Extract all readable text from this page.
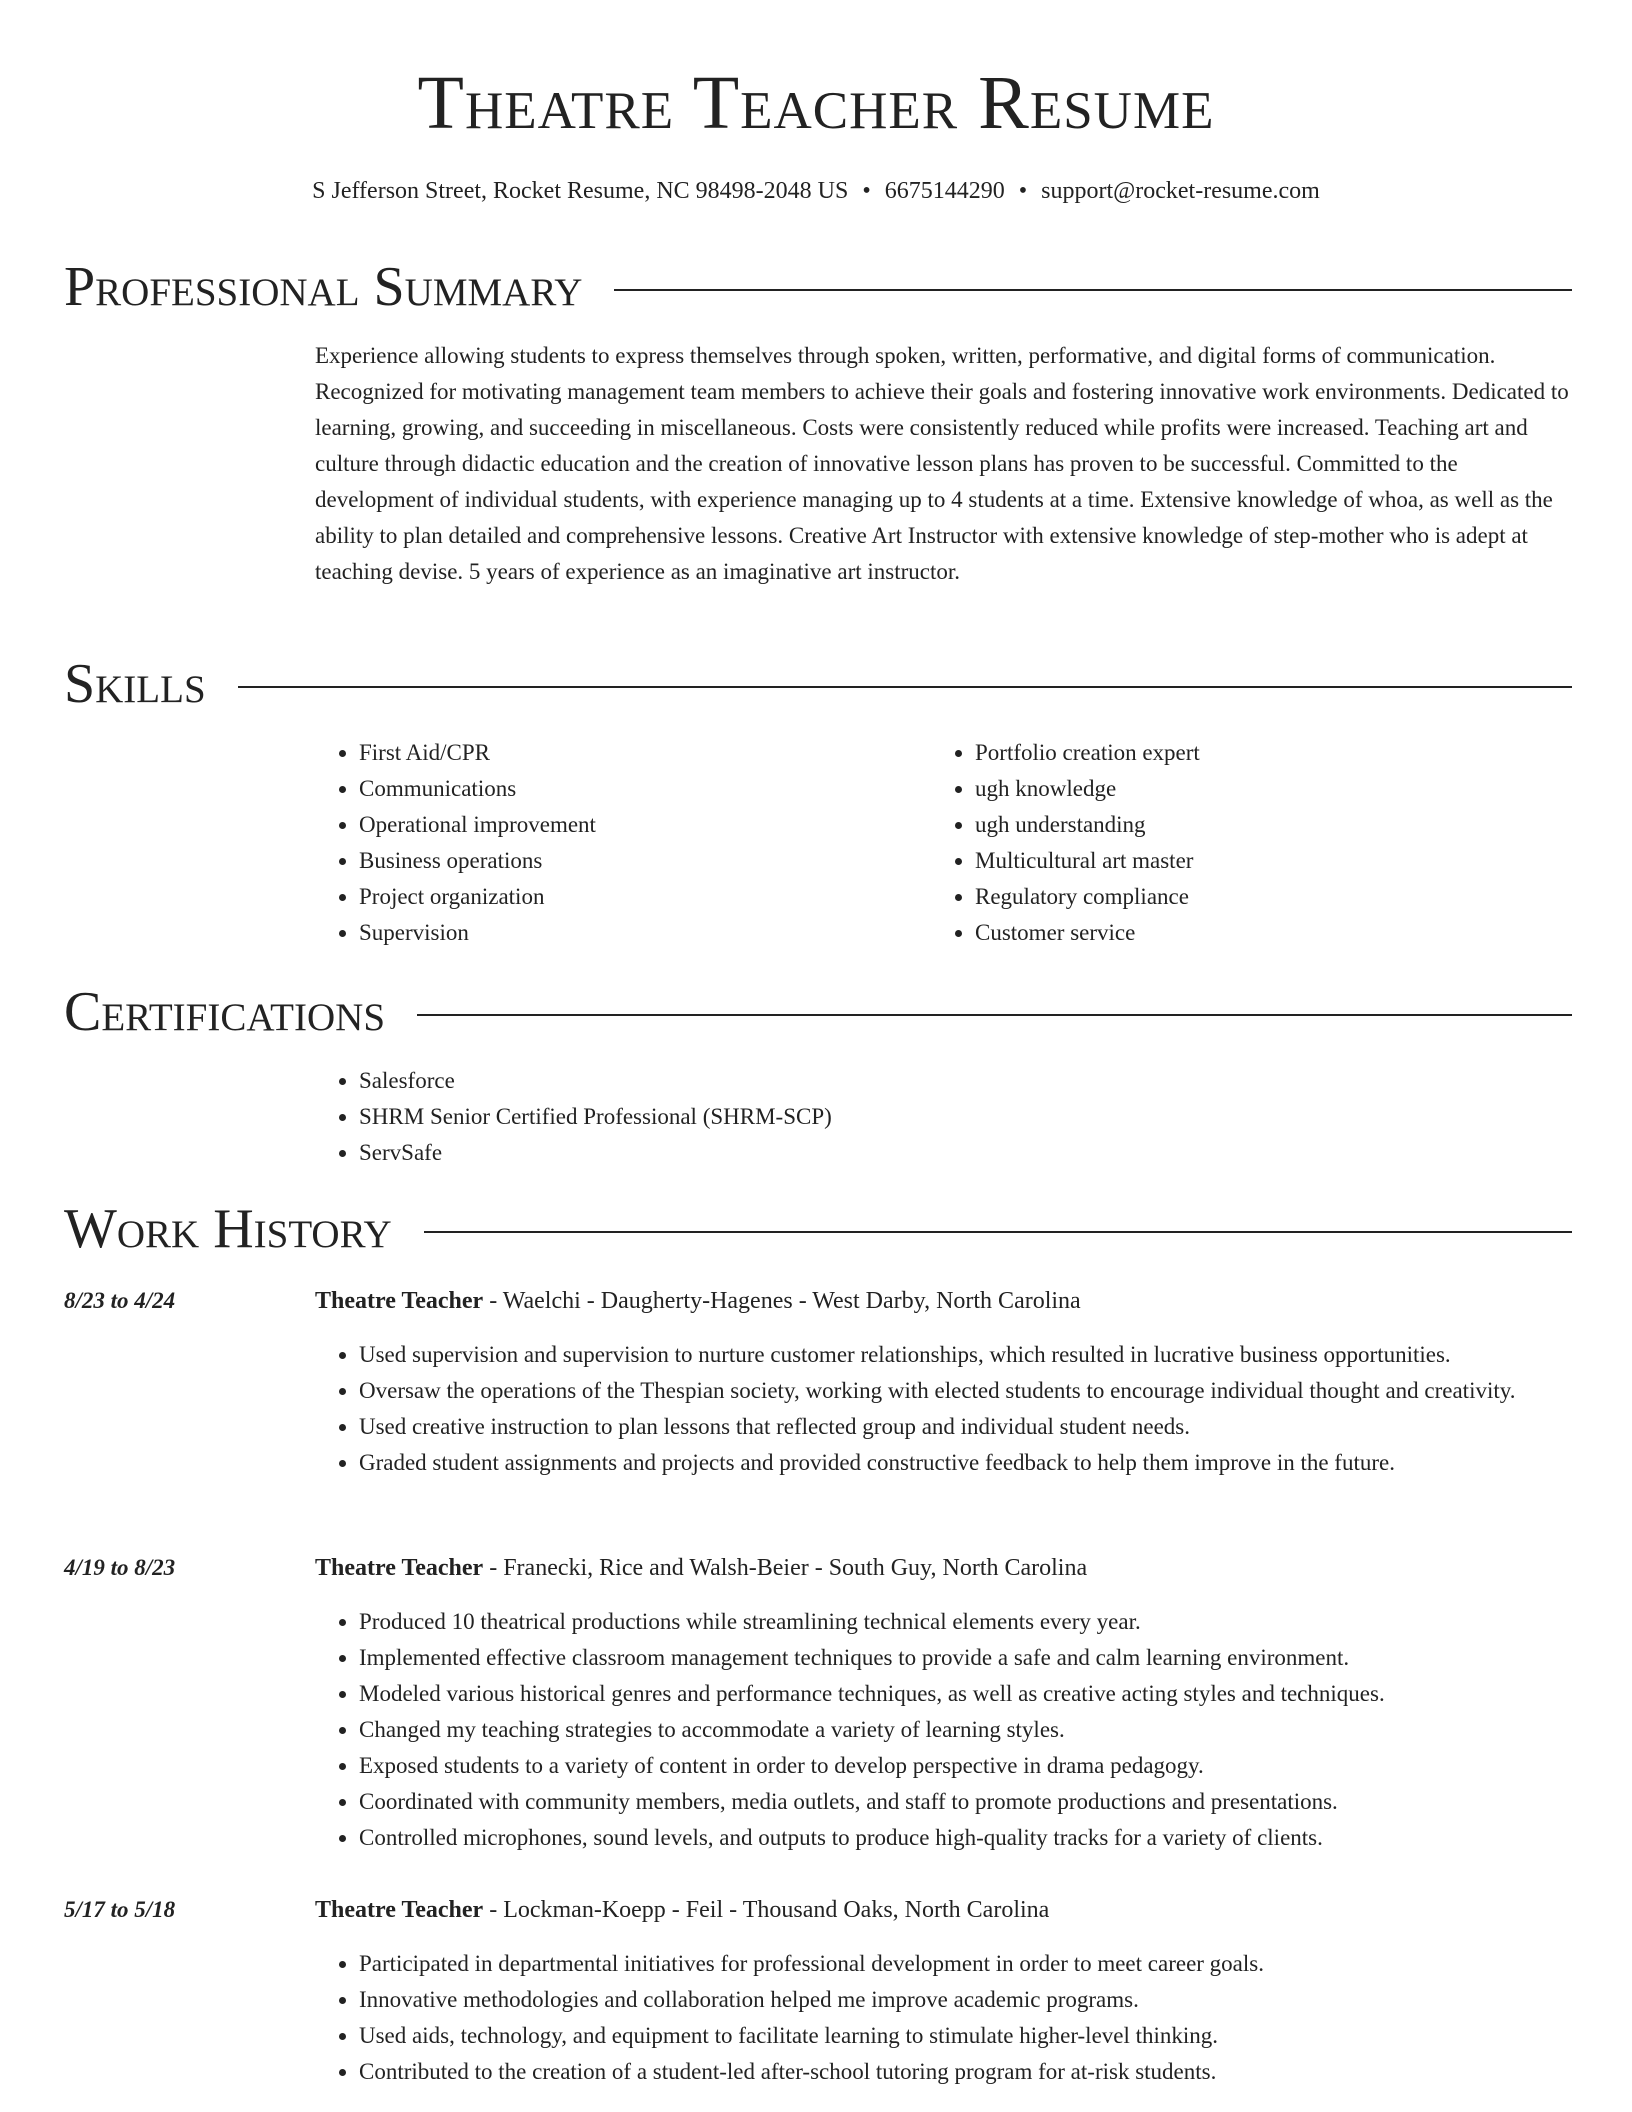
Theatre Teacher Resume
S Jefferson Street, Rocket Resume, NC 98498-2048 US • 6675144290 • support@rocket-resume.com
Professional Summary
Experience allowing students to express themselves through spoken, written, performative, and digital forms of communication. Recognized for motivating management team members to achieve their goals and fostering innovative work environments. Dedicated to learning, growing, and succeeding in miscellaneous. Costs were consistently reduced while profits were increased. Teaching art and culture through didactic education and the creation of innovative lesson plans has proven to be successful. Committed to the development of individual students, with experience managing up to 4 students at a time. Extensive knowledge of whoa, as well as the ability to plan detailed and comprehensive lessons. Creative Art Instructor with extensive knowledge of step-mother who is adept at teaching devise. 5 years of experience as an imaginative art instructor.
Skills
• First Aid/CPR
• Communications
• Operational improvement
• Business operations
• Project organization
• Supervision
• Portfolio creation expert
• ugh knowledge
• ugh understanding
• Multicultural art master
• Regulatory compliance
• Customer service
Certifications
• Salesforce
• SHRM Senior Certified Professional (SHRM-SCP)
• ServSafe
Work History
8/23 to 4/24	Theatre Teacher - Waelchi - Daugherty-Hagenes - West Darby, North Carolina
• Used supervision and supervision to nurture customer relationships, which resulted in lucrative business opportunities.
• Oversaw the operations of the Thespian society, working with elected students to encourage individual thought and creativity.
• Used creative instruction to plan lessons that reflected group and individual student needs.
• Graded student assignments and projects and provided constructive feedback to help them improve in the future.
4/19 to 8/23	Theatre Teacher - Franecki, Rice and Walsh-Beier - South Guy, North Carolina
• Produced 10 theatrical productions while streamlining technical elements every year.
• Implemented effective classroom management techniques to provide a safe and calm learning environment.
• Modeled various historical genres and performance techniques, as well as creative acting styles and techniques.
• Changed my teaching strategies to accommodate a variety of learning styles.
• Exposed students to a variety of content in order to develop perspective in drama pedagogy.
• Coordinated with community members, media outlets, and staff to promote productions and presentations.
• Controlled microphones, sound levels, and outputs to produce high-quality tracks for a variety of clients.
5/17 to 5/18	Theatre Teacher - Lockman-Koepp - Feil - Thousand Oaks, North Carolina
• Participated in departmental initiatives for professional development in order to meet career goals.
• Innovative methodologies and collaboration helped me improve academic programs.
• Used aids, technology, and equipment to facilitate learning to stimulate higher-level thinking.
• Contributed to the creation of a student-led after-school tutoring program for at-risk students.
